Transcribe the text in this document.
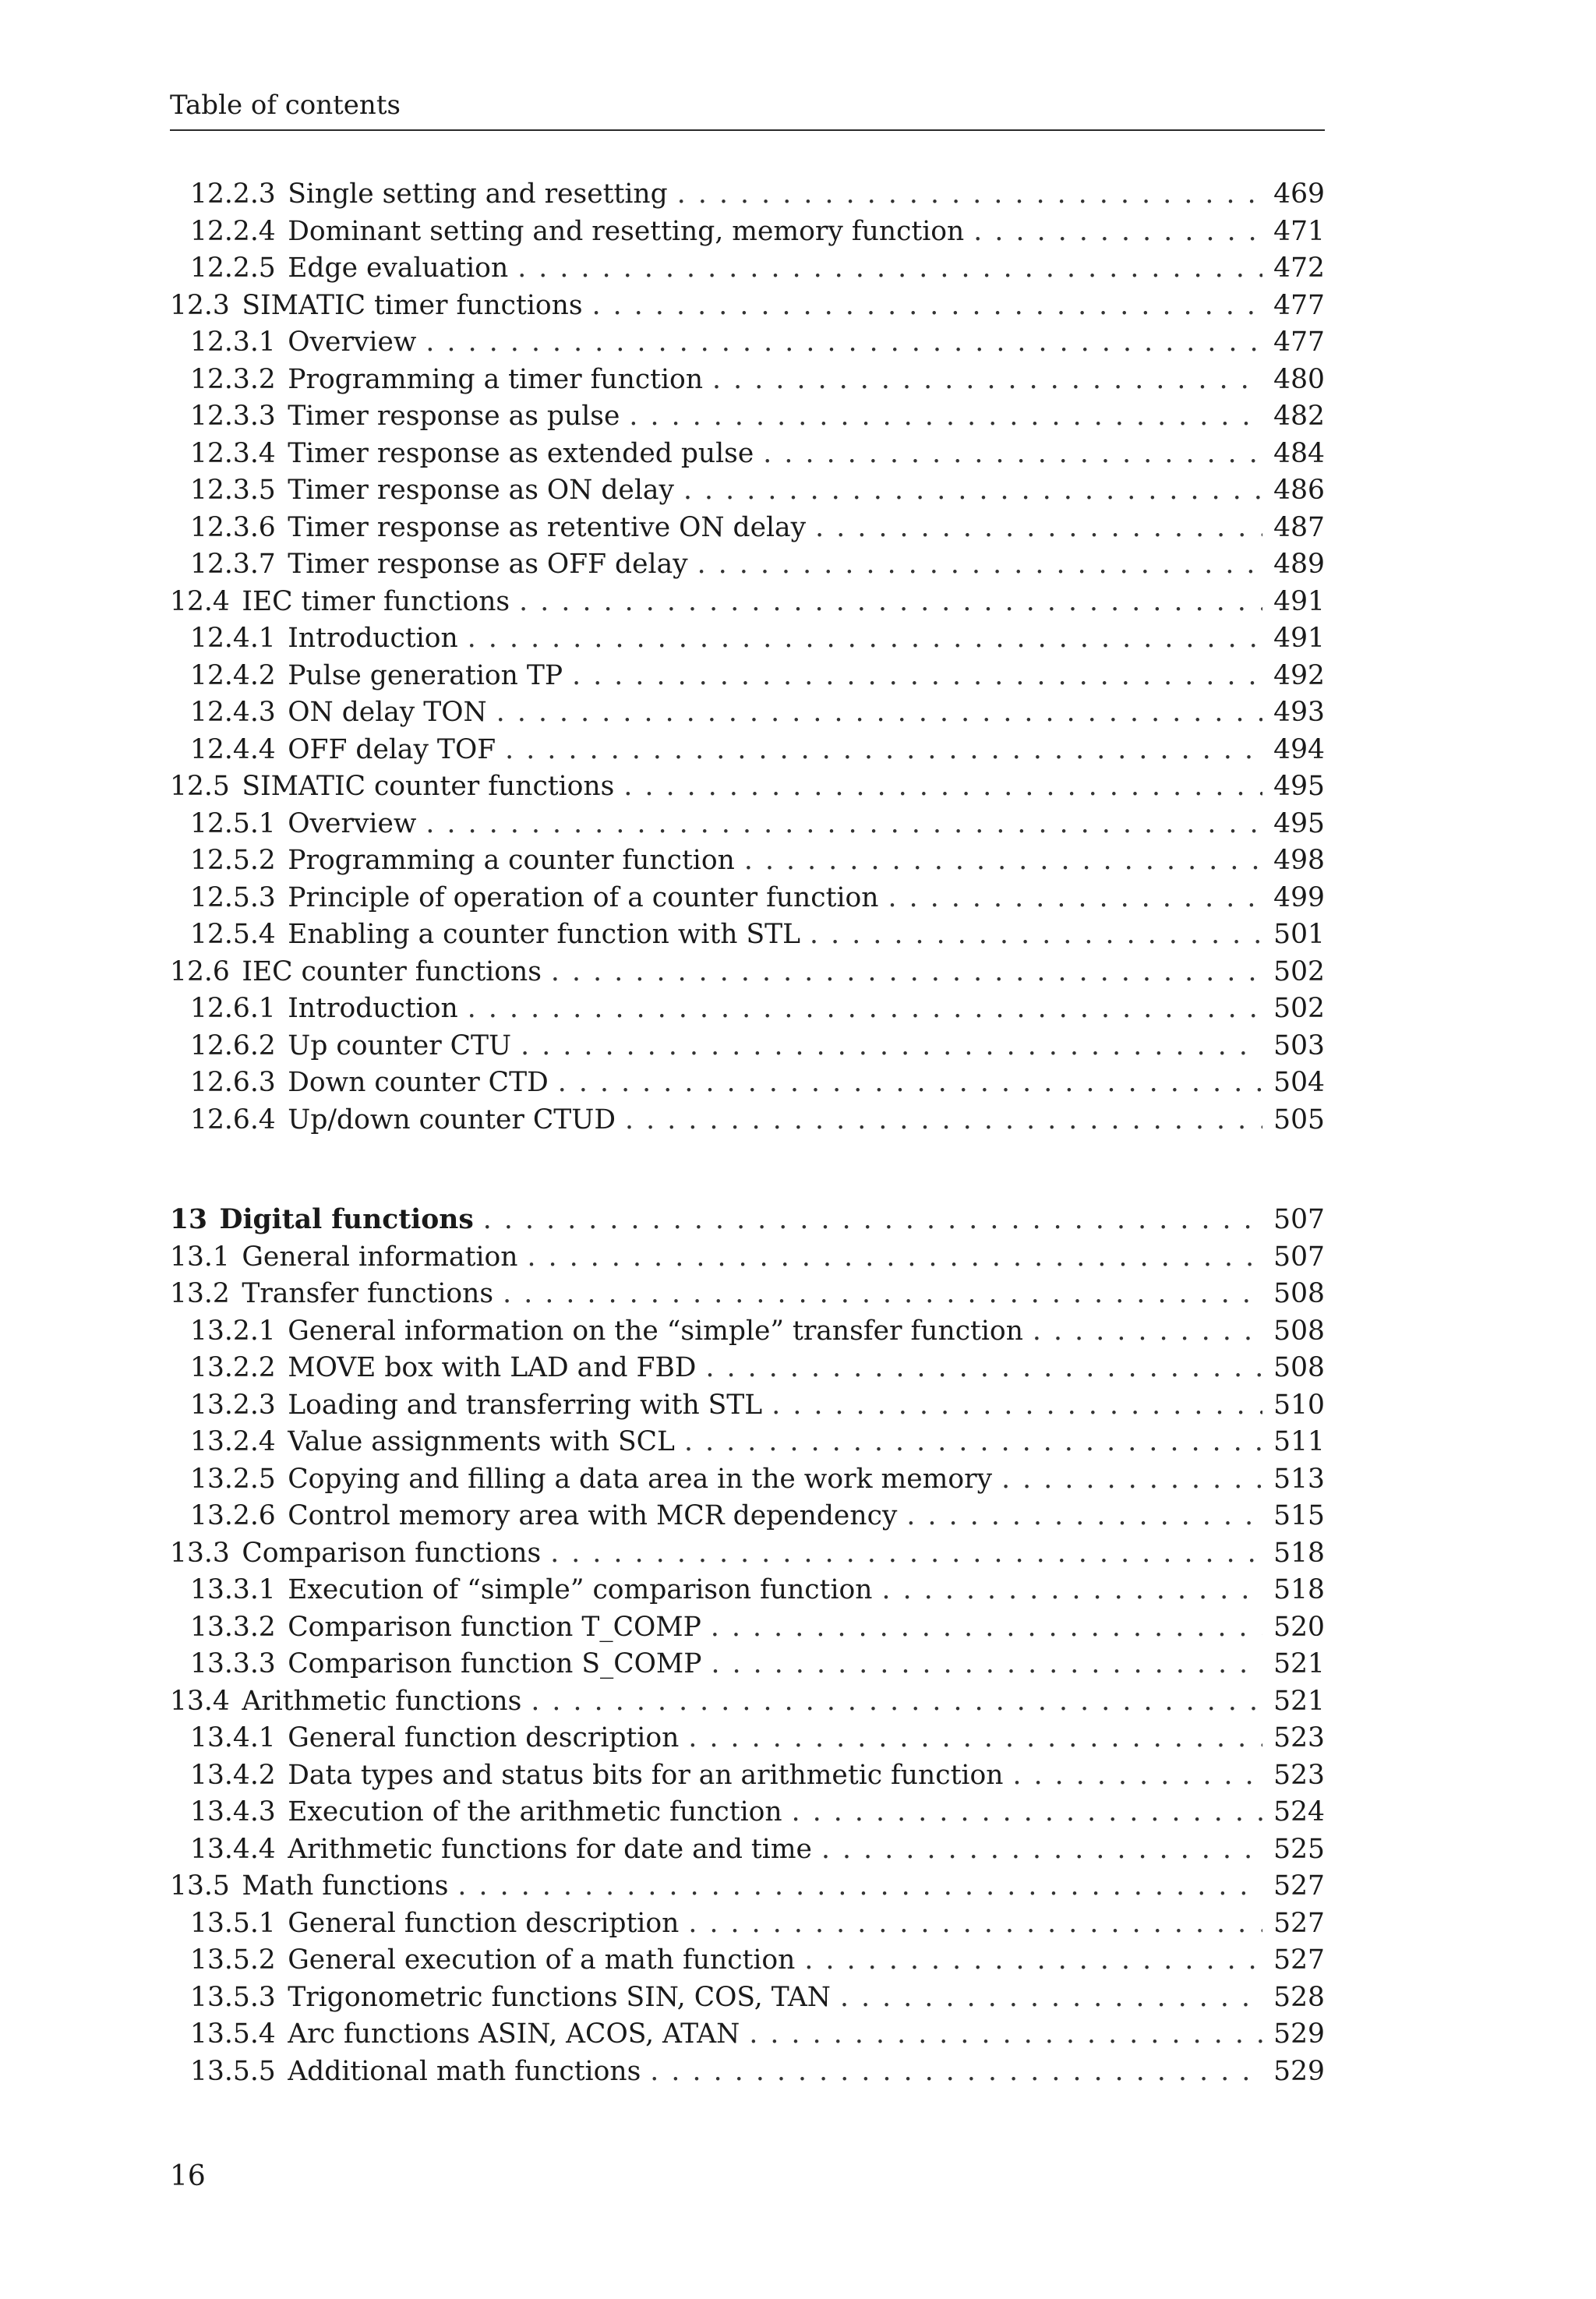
Table of contents
12.2.3 Single setting and resetting . . .	469
12.2.4 Dominant setting and resetting, memory function . . .	471
12.2.5 Edge evaluation . . .	472
12.3 SIMATIC timer functions . . .	477
12.3.1 Overview . . .	477
12.3.2 Programming a timer function . . .	480
12.3.3 Timer response as pulse . . .	482
12.3.4 Timer response as extended pulse . . .	484
12.3.5 Timer response as ON delay . . .	486
12.3.6 Timer response as retentive ON delay . . .	487
12.3.7 Timer response as OFF delay . . .	489
12.4 IEC timer functions . . .	491
12.4.1 Introduction . . .	491
12.4.2 Pulse generation TP . . .	492
12.4.3 ON delay TON . . .	493
12.4.4 OFF delay TOF . . .	494
12.5 SIMATIC counter functions . . .	495
12.5.1 Overview . . .	495
12.5.2 Programming a counter function . . .	498
12.5.3 Principle of operation of a counter function . . .	499
12.5.4 Enabling a counter function with STL . . .	501
12.6 IEC counter functions . . .	502
12.6.1 Introduction . . .	502
12.6.2 Up counter CTU . . .	503
12.6.3 Down counter CTD . . .	504
12.6.4 Up/down counter CTUD . . .	505
13 Digital functions . . .	507
13.1 General information . . .	507
13.2 Transfer functions . . .	508
13.2.1 General information on the “simple” transfer function . . .	508
13.2.2 MOVE box with LAD and FBD . . .	508
13.2.3 Loading and transferring with STL . . .	510
13.2.4 Value assignments with SCL . . .	511
13.2.5 Copying and filling a data area in the work memory . . .	513
13.2.6 Control memory area with MCR dependency . . .	515
13.3 Comparison functions . . .	518
13.3.1 Execution of “simple” comparison function . . .	518
13.3.2 Comparison function T_COMP . . .	520
13.3.3 Comparison function S_COMP . . .	521
13.4 Arithmetic functions . . .	521
13.4.1 General function description . . .	523
13.4.2 Data types and status bits for an arithmetic function . . .	523
13.4.3 Execution of the arithmetic function . . .	524
13.4.4 Arithmetic functions for date and time . . .	525
13.5 Math functions . . .	527
13.5.1 General function description . . .	527
13.5.2 General execution of a math function . . .	527
13.5.3 Trigonometric functions SIN, COS, TAN . . .	528
13.5.4 Arc functions ASIN, ACOS, ATAN . . .	529
13.5.5 Additional math functions . . .	529
16
